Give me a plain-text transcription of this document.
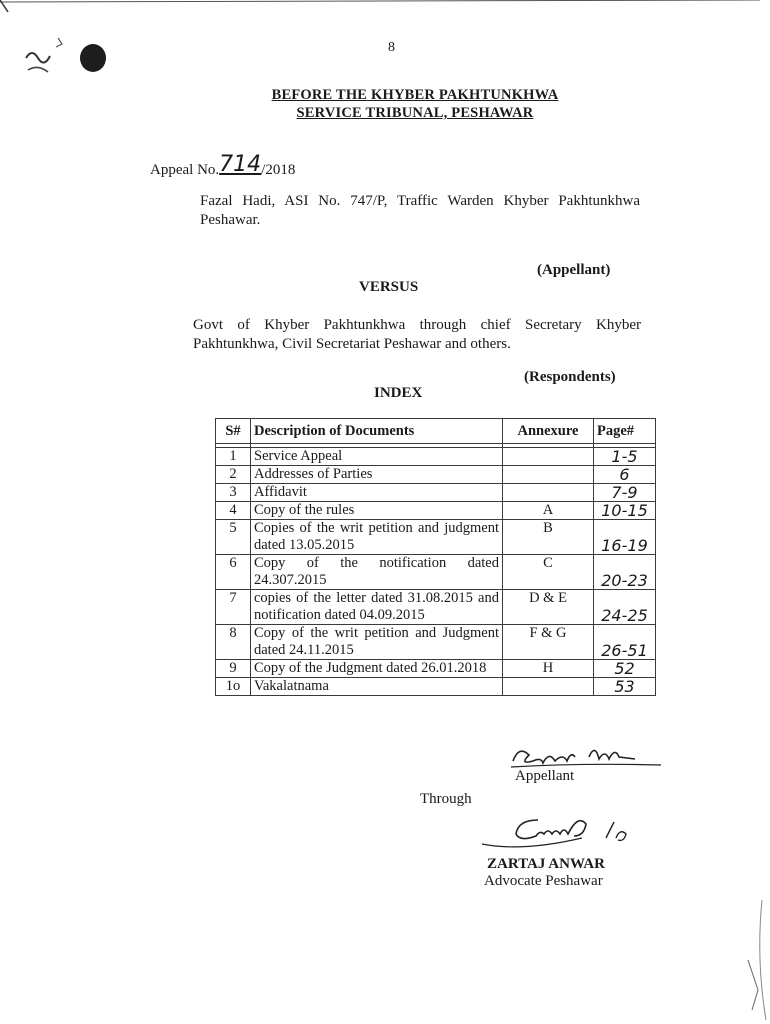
8
BEFORE THE KHYBER PAKHTUNKHWA
SERVICE TRIBUNAL, PESHAWAR
Appeal No.714/2018
Fazal Hadi, ASI No. 747/P, Traffic Warden Khyber Pakhtunkhwa Peshawar.
(Appellant)
VERSUS
Govt of Khyber Pakhtunkhwa through chief Secretary Khyber Pakhtunkhwa, Civil Secretariat Peshawar and others.
(Respondents)
INDEX
S#	Description of Documents	Annexure	Page#

1	Service Appeal		1-5
2	Addresses of Parties		6
3	Affidavit		7-9
4	Copy of the rules	A	10-15
5	Copies of the writ petition and judgment dated 13.05.2015	B	16-19
6	Copy of the notification dated 24.307.2015	C	20-23
7	copies of the letter dated 31.08.2015 and notification dated 04.09.2015	D & E	24-25
8	Copy of the writ petition and Judgment dated 24.11.2015	F & G	26-51
9	Copy of the Judgment dated 26.01.2018	H	52
1o	Vakalatnama		53
Appellant
Through
ZARTAJ ANWAR
Advocate Peshawar
